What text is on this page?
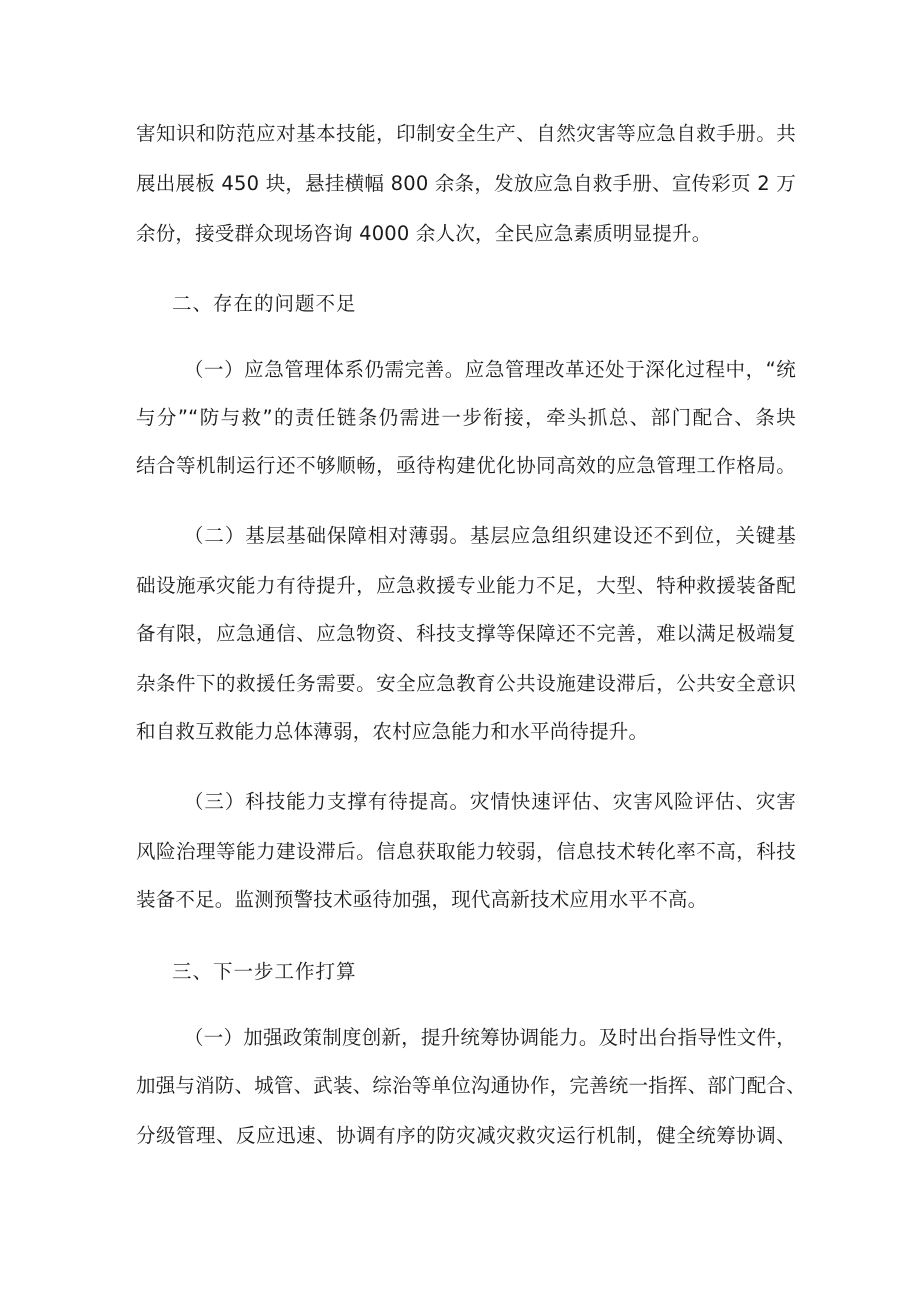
害知识和防范应对基本技能，印制安全生产、自然灾害等应急自救手册。共
展出展板 450 块，悬挂横幅 800 余条，发放应急自救手册、宣传彩页 2 万
余份，接受群众现场咨询 4000 余人次，全民应急素质明显提升。
二、存在的问题不足
（一）应急管理体系仍需完善。应急管理改革还处于深化过程中，“统
与分”“防与救”的责任链条仍需进一步衔接，牵头抓总、部门配合、条块
结合等机制运行还不够顺畅，亟待构建优化协同高效的应急管理工作格局。
（二）基层基础保障相对薄弱。基层应急组织建设还不到位，关键基
础设施承灾能力有待提升，应急救援专业能力不足，大型、特种救援装备配
备有限，应急通信、应急物资、科技支撑等保障还不完善，难以满足极端复
杂条件下的救援任务需要。安全应急教育公共设施建设滞后，公共安全意识
和自救互救能力总体薄弱，农村应急能力和水平尚待提升。
（三）科技能力支撑有待提高。灾情快速评估、灾害风险评估、灾害
风险治理等能力建设滞后。信息获取能力较弱，信息技术转化率不高，科技
装备不足。监测预警技术亟待加强，现代高新技术应用水平不高。
三、下一步工作打算
（一）加强政策制度创新，提升统筹协调能力。及时出台指导性文件，
加强与消防、城管、武装、综治等单位沟通协作，完善统一指挥、部门配合、
分级管理、反应迅速、协调有序的防灾减灾救灾运行机制，健全统筹协调、
